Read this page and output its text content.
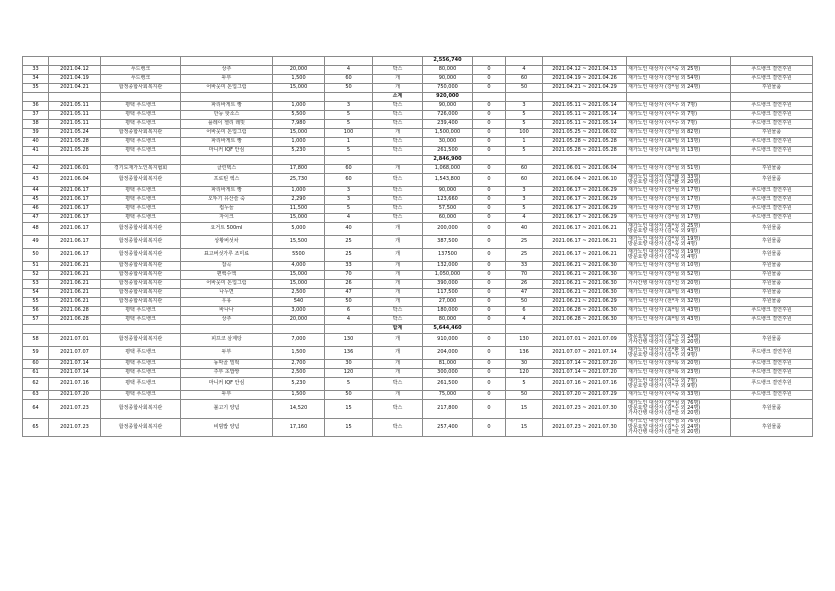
							2,556,740					
33	2021.04.12	푸드뱅크	상추	20,000	4	박스	80,000	0	4	2021.04.12 ~ 2021.04.13	재가노인 대상자 (이*숙 외 25명)	푸드뱅크 결연후원
34	2021.04.19	푸드뱅크	두부	1,500	60	개	90,000	0	60	2021.04.19 ~ 2021.04.26	재가노인 대상자 (강*섬 외 54명)	푸드뱅크 결연후원
35	2021.04.21	합정종합사회복지관	어바웃미 돈업그럼	15,000	50	개	750,000	0	50	2021.04.21 ~ 2021.04.29	재가노인 대상자 (강*섬 외 24명)	후원물품
						소계	920,000					
36	2021.05.11	평택 푸드뱅크	파리바게트 빵	1,000	3	박스	90,000	0	3	2021.05.11 ~ 2021.05.14	재가노인 대상자 (이*수 외 7명)	푸드뱅크 결연후원
37	2021.05.11	평택 푸드뱅크	만능 핫소스	5,500	5	박스	726,000	0	5	2021.05.11 ~ 2021.05.14	재가노인 대상자 (이*수 외 7명)	푸드뱅크 결연후원
38	2021.05.11	평택 푸드뱅크	플레이 젤리 레빗	7,980	5	박스	239,400	0	5	2021.05.11 ~ 2021.05.14	재가노인 대상자 (이*수 외 7명)	푸드뱅크 결연후원
39	2021.05.24	합정종합사회복지관	어바웃미 돈업그럼	15,000	100	개	1,500,000	0	100	2021.05.25 ~ 2021.06.02	재가노인 대상자 (강*섬 외 82명)	후원물품
40	2021.05.28	평택 푸드뱅크	파리바게트 빵	1,000	1	박스	30,000	0	1	2021.05.28 ~ 2021.05.28	재가노인 대상자 (최*임 외 13명)	푸드뱅크 결연후원
41	2021.05.28	평택 푸드뱅크	마니커 IQF 안심	5,230	5	박스	261,500	0	5	2021.05.28 ~ 2021.05.28	재가노인 대상자 (최*임 외 13명)	푸드뱅크 결연후원
							2,846,900					
42	2021.06.01	경기도재가노인복지협회	클린텍스	17,800	60	개	1,068,000	0	60	2021.06.01 ~ 2021.06.04	재가노인 대상자 (강*섬 외 51명)	후원물품
43	2021.06.04	합정종합사회복지관	프로틴 엑스	25,730	60	박스	1,543,800	0	60	2021.06.04 ~ 2021.06.10	재가노인 대상자 (박*래 외 33명)
방문요양 대상자 (김*환 외 20명)	후원물품
44	2021.06.17	평택 푸드뱅크	파리바게트 빵	1,000	3	박스	90,000	0	3	2021.06.17 ~ 2021.06.29	재가노인 대상자 (강*섬 외 17명)	푸드뱅크 결연후원
45	2021.06.17	평택 푸드뱅크	오뚜기 유산슬 죽	2,290	3	박스	123,660	0	3	2021.06.17 ~ 2021.06.29	재가노인 대상자 (강*섬 외 17명)	푸드뱅크 결연후원
46	2021.06.17	평택 푸드뱅크	컵누들	11,500	5	박스	57,500	0	5	2021.06.17 ~ 2021.06.29	재가노인 대상자 (강*섬 외 17명)	푸드뱅크 결연후원
47	2021.06.17	평택 푸드뱅크	자이크	15,000	4	박스	60,000	0	4	2021.06.17 ~ 2021.06.29	재가노인 대상자 (강*섬 외 17명)	푸드뱅크 결연후원
48	2021.06.17	합정종합사회복지관	요거트 500ml	5,000	40	개	200,000	0	40	2021.06.17 ~ 2021.06.21	재가노인 대상자 (최*섬 외 25명)
방문요양 대상자 (김*옥 외 9명)	후원물품
49	2021.06.17	합정종합사회복지관	상황버섯차	15,500	25	개	387,500	0	25	2021.06.17 ~ 2021.06.21	재가노인 대상자 (강*섬 외 19명)
방문요양 대상자 (김*옥 외 4명)	후원물품
50	2021.06.17	합정종합사회복지관	표고버섯가루 조미료	5500	25	개	137500	0	25	2021.06.17 ~ 2021.06.21	재가노인 대상자 (강*섬 외 19명)
방문요양 대상자 (김*옥 외 4명)	후원물품
51	2021.06.21	합정종합사회복지관	잡곡	4,000	33	개	132,000	0	33	2021.06.21 ~ 2021.06.30	재가노인 대상자 (강*섬 외 10명)	후원물품
52	2021.06.21	합정종합사회복지관	편백수액	15,000	70	개	1,050,000	0	70	2021.06.21 ~ 2021.06.30	재가노인 대상자 (강*섬 외 52명)	후원물품
53	2021.06.21	합정종합사회복지관	어바웃미 돈업그럼	15,000	26	개	390,000	0	26	2021.06.21 ~ 2021.06.30	가사간병 대상자 (김*진 외 20명)	후원물품
54	2021.06.21	합정종합사회복지관	나누면	2,500	47	개	117,500	0	47	2021.06.21 ~ 2021.06.30	재가노인 대상자 (최*임 외 43명)	후원물품
55	2021.06.21	합정종합사회복지관	우유	540	50	개	27,000	0	50	2021.06.21 ~ 2021.06.29	재가노인 대상자 (전*자 외 32명)	후원물품
56	2021.06.28	평택 푸드뱅크	바나나	3,000	6	박스	180,000	0	6	2021.06.28 ~ 2021.06.30	재가노인 대상자 (최*임 외 43명)	푸드뱅크 결연후원
57	2021.06.28	평택 푸드뱅크	상추	20,000	4	박스	80,000	0	4	2021.06.28 ~ 2021.06.30	재가노인 대상자 (최*임 외 43명)	푸드뱅크 결연후원
						합계	5,644,460					
58	2021.07.01	합정종합사회복지관	피프코 삼계탕	7,000	130	개	910,000	0	130	2021.07.01 ~ 2021.07.09	방문요양 대상자 (김*수 외 24명)
가사간병 대상자 (김*만 외 20명)	후원물품
59	2021.07.07	평택 푸드뱅크	두부	1,500	136	개	204,000	0	136	2021.07.07 ~ 2021.07.14	재가노인 대상자 (조*환 외 43명)
방문요양 대상자 (김*수 외 9명)	푸드뱅크 결연후원
60	2021.07.14	평택 푸드뱅크	동막골 밀떡	2,700	30	개	81,000	0	30	2021.07.14 ~ 2021.07.20	재가노인 대상자 (창*록 외 20명)	푸드뱅크 결연후원
61	2021.07.14	평택 푸드뱅크	주부 초밥짱	2,500	120	개	300,000	0	120	2021.07.14 ~ 2021.07.20	재가노인 대상자 (창*록 외 23명)	푸드뱅크 결연후원
62	2021.07.16	평택 푸드뱅크	마니커 IQF 안심	5,230	5	박스	261,500	0	5	2021.07.16 ~ 2021.07.16	재가노인 대상자 (김*옥 외 7명)
방문요양 대상자 (이*주 외 9명)	푸드뱅크 결연후원
63	2021.07.20	평택 푸드뱅크	두부	1,500	50	개	75,000	0	50	2021.07.20 ~ 2021.07.29	재가노인 대상자 (이*숙 외 33명)	푸드뱅크 결연후원
64	2021.07.23	합정종합사회복지관	불고기 양념	14,520	15	박스	217,800	0	15	2021.07.23 ~ 2021.07.30	재가노인 대상자 (강*섬 외 76명)
방문요양 대상자 (김*수 외 24명)
가사간병 대상자 (김*만 외 20명)	후원물품
65	2021.07.23	합정종합사회복지관	비빔밥 양념	17,160	15	박스	257,400	0	15	2021.07.23 ~ 2021.07.30	재가노인 대상자 (강*섬 외 76명)
방문요양 대상자 (김*수 외 24명)
가사간병 대상자 (김*만 외 20명)	후원물품
